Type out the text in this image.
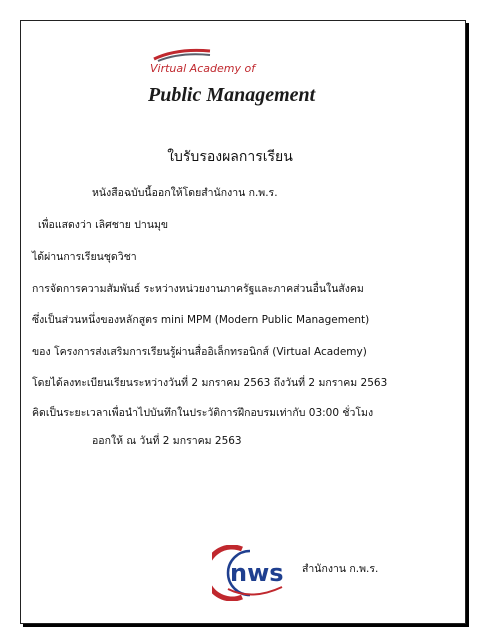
Virtual Academy of
Public Management
ใบรับรองผลการเรียน
หนังสือฉบับนี้ออกให้โดยสำนักงาน ก.พ.ร.
เพื่อแสดงว่า เลิศชาย ปานมุข
ได้ผ่านการเรียนชุดวิชา
การจัดการความสัมพันธ์ ระหว่างหน่วยงานภาครัฐและภาคส่วนอื่นในสังคม
ซึ่งเป็นส่วนหนึ่งของหลักสูตร mini MPM (Modern Public Management)
ของ โครงการส่งเสริมการเรียนรู้ผ่านสื่ออิเล็กทรอนิกส์ (Virtual Academy)
โดยได้ลงทะเบียนเรียนระหว่างวันที่ 2 มกราคม 2563 ถึงวันที่ 2 มกราคม 2563
คิดเป็นระยะเวลาเพื่อนำไปบันทึกในประวัติการฝึกอบรมเท่ากับ 03:00 ชั่วโมง
ออกให้ ณ วันที่ 2 มกราคม 2563
nws สำนักงาน ก.พ.ร.
